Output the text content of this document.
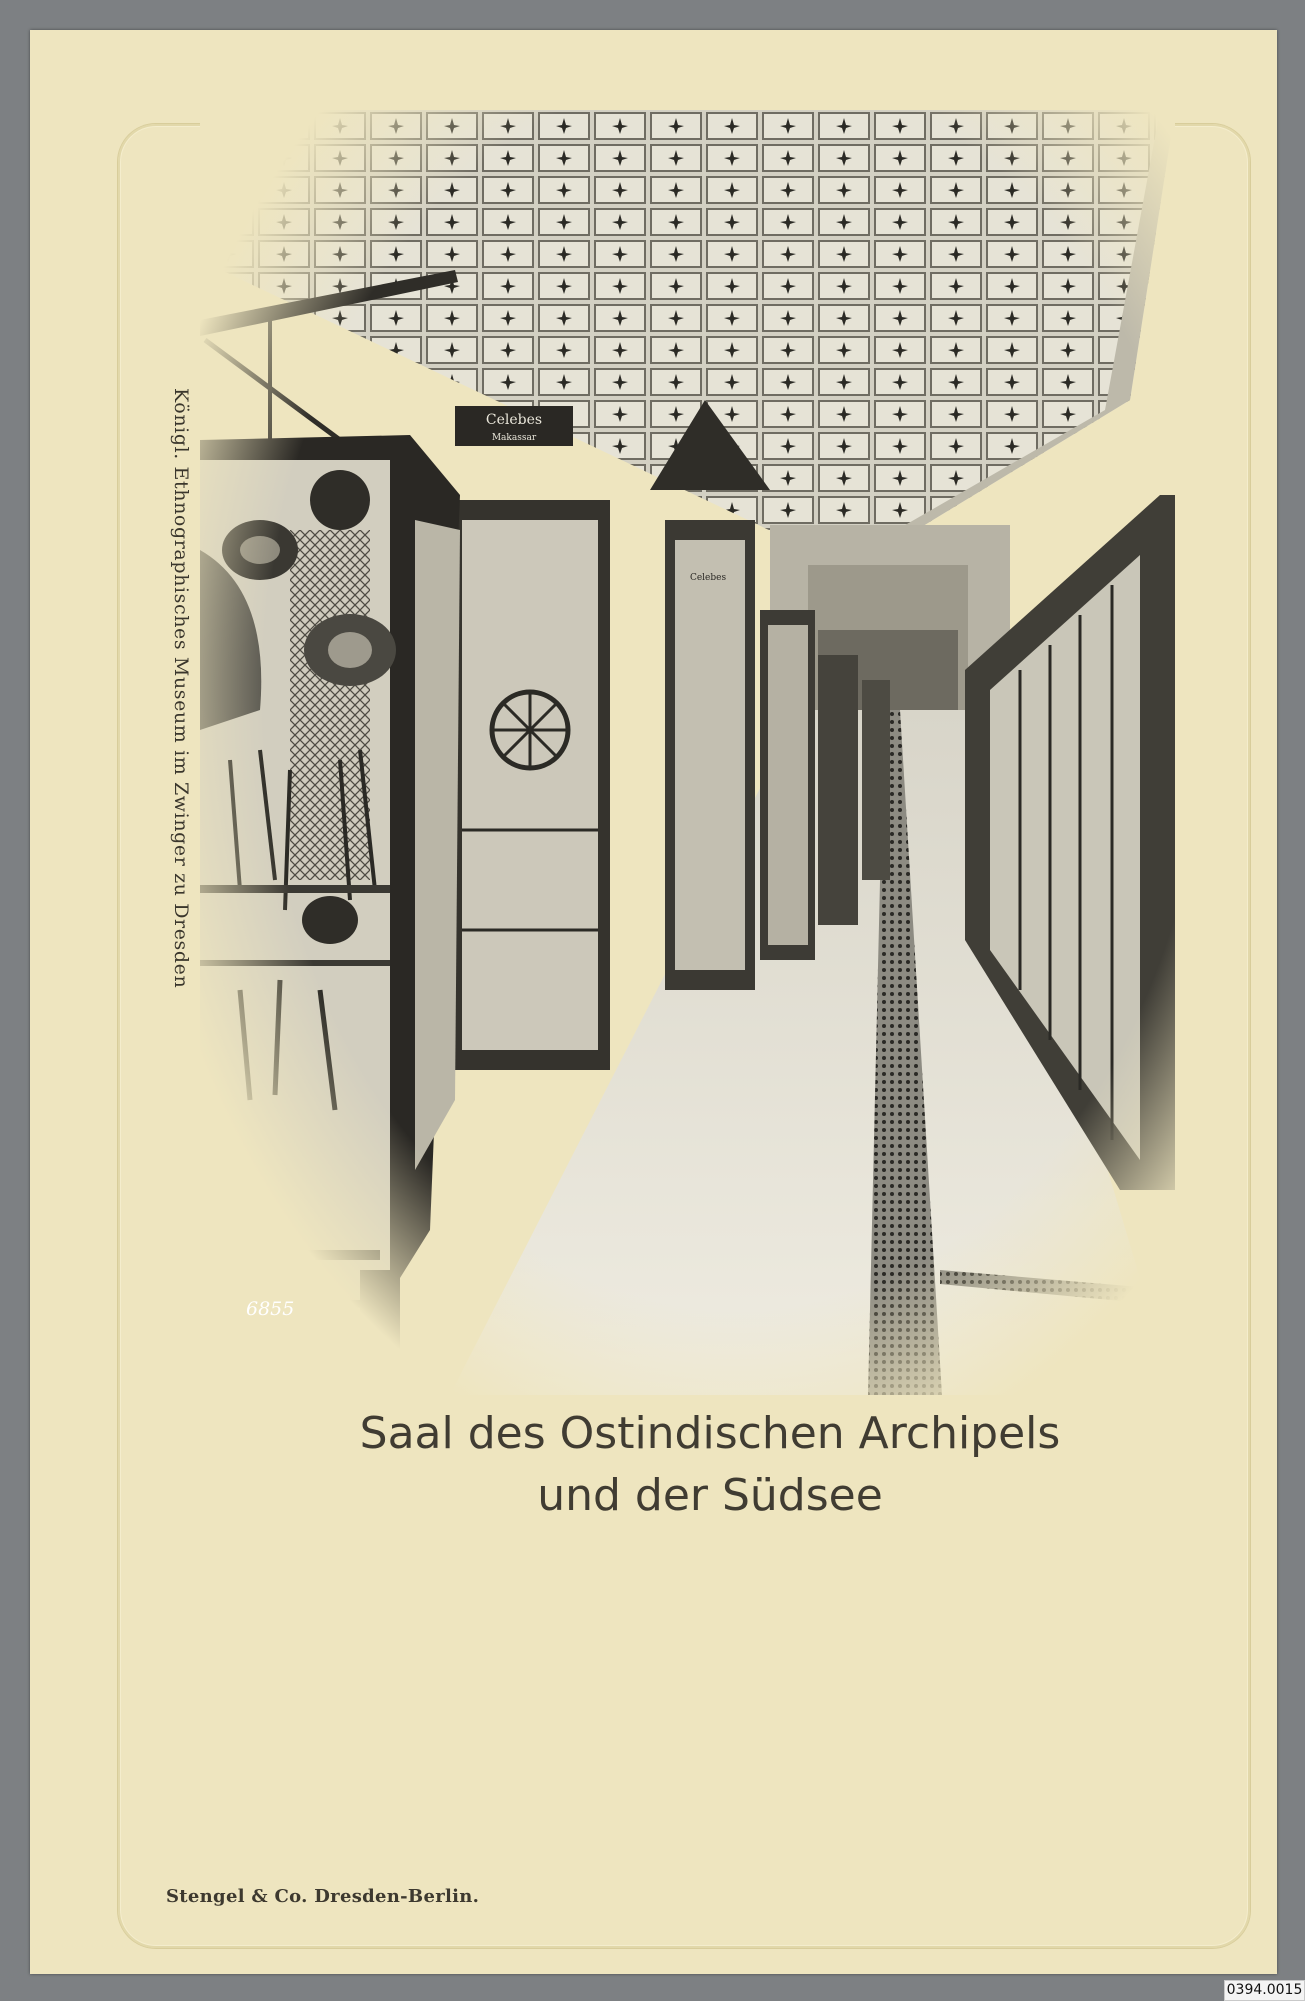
Königl. Ethnographisches Museum im Zwinger zu Dresden
6855
Saal des Ostindischen Archipels
und der Südsee
Stengel & Co. Dresden-Berlin.
0394.0015
